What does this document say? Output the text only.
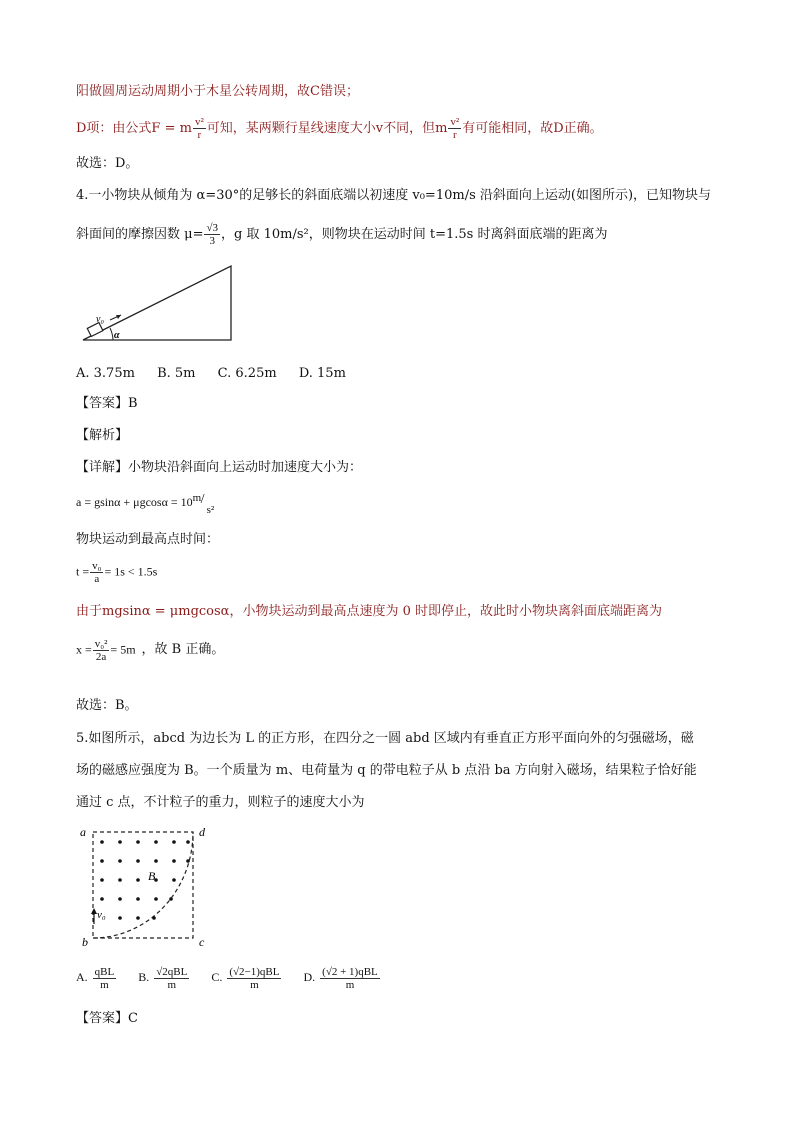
阳做圆周运动周期小于木星公转周期，故C错误；
D项：由公式F = m $\frac{\text{v²}}{r}$ 可知，某两颗行星线速度大小v不同，但m $\frac{\text{v²}}{r}$ 有可能相同，故D正确。
故选：D。
4.一小物块从倾角为 α=30°的足够长的斜面底端以初速度 v₀=10m/s 沿斜面向上运动(如图所示)，已知物块与
斜面间的摩擦因数 $\mu= \frac{√3}{3}$ ，g 取 10m/s²，则物块在运动时间 t=1.5s 时离斜面底端的距离为
v₀
α
A. 3.75m B. 5m C. 6.25m D. 15m
【答案】B
【解析】
【详解】小物块沿斜面向上运动时加速度大小为：
a = gsinα + μgcosα = 10 m /
s²
物块运动到最高点时间：
$t = \frac{\text{v₀}}{a} = 1s < 1.5s$
由于mgsinα = μmgcosα，小物块运动到最高点速度为 0 时即停止，故此时小物块离斜面底端距离为
$x = \frac{\text{v₀²}}{2a} = 5m$ ，故 B 正确。
故选：B。
5.如图所示，abcd 为边长为 L 的正方形，在四分之一圆 abd 区域内有垂直正方形平面向外的匀强磁场，磁
场的磁感应强度为 B。一个质量为 m、电荷量为 q 的带电粒子从 b 点沿 ba 方向射入磁场，结果粒子恰好能
通过 c 点，不计粒子的重力，则粒子的速度大小为
v₀
a	d
b	c
B
A. $\frac{\text{qBL}}{m} B$. $\frac{\text{√2qBL}}{m} C$. $\frac{\text{(√2−1)qBL}}{m} D$. $\frac{\text{(√2 + 1)qBL}}{m}$
【答案】C
